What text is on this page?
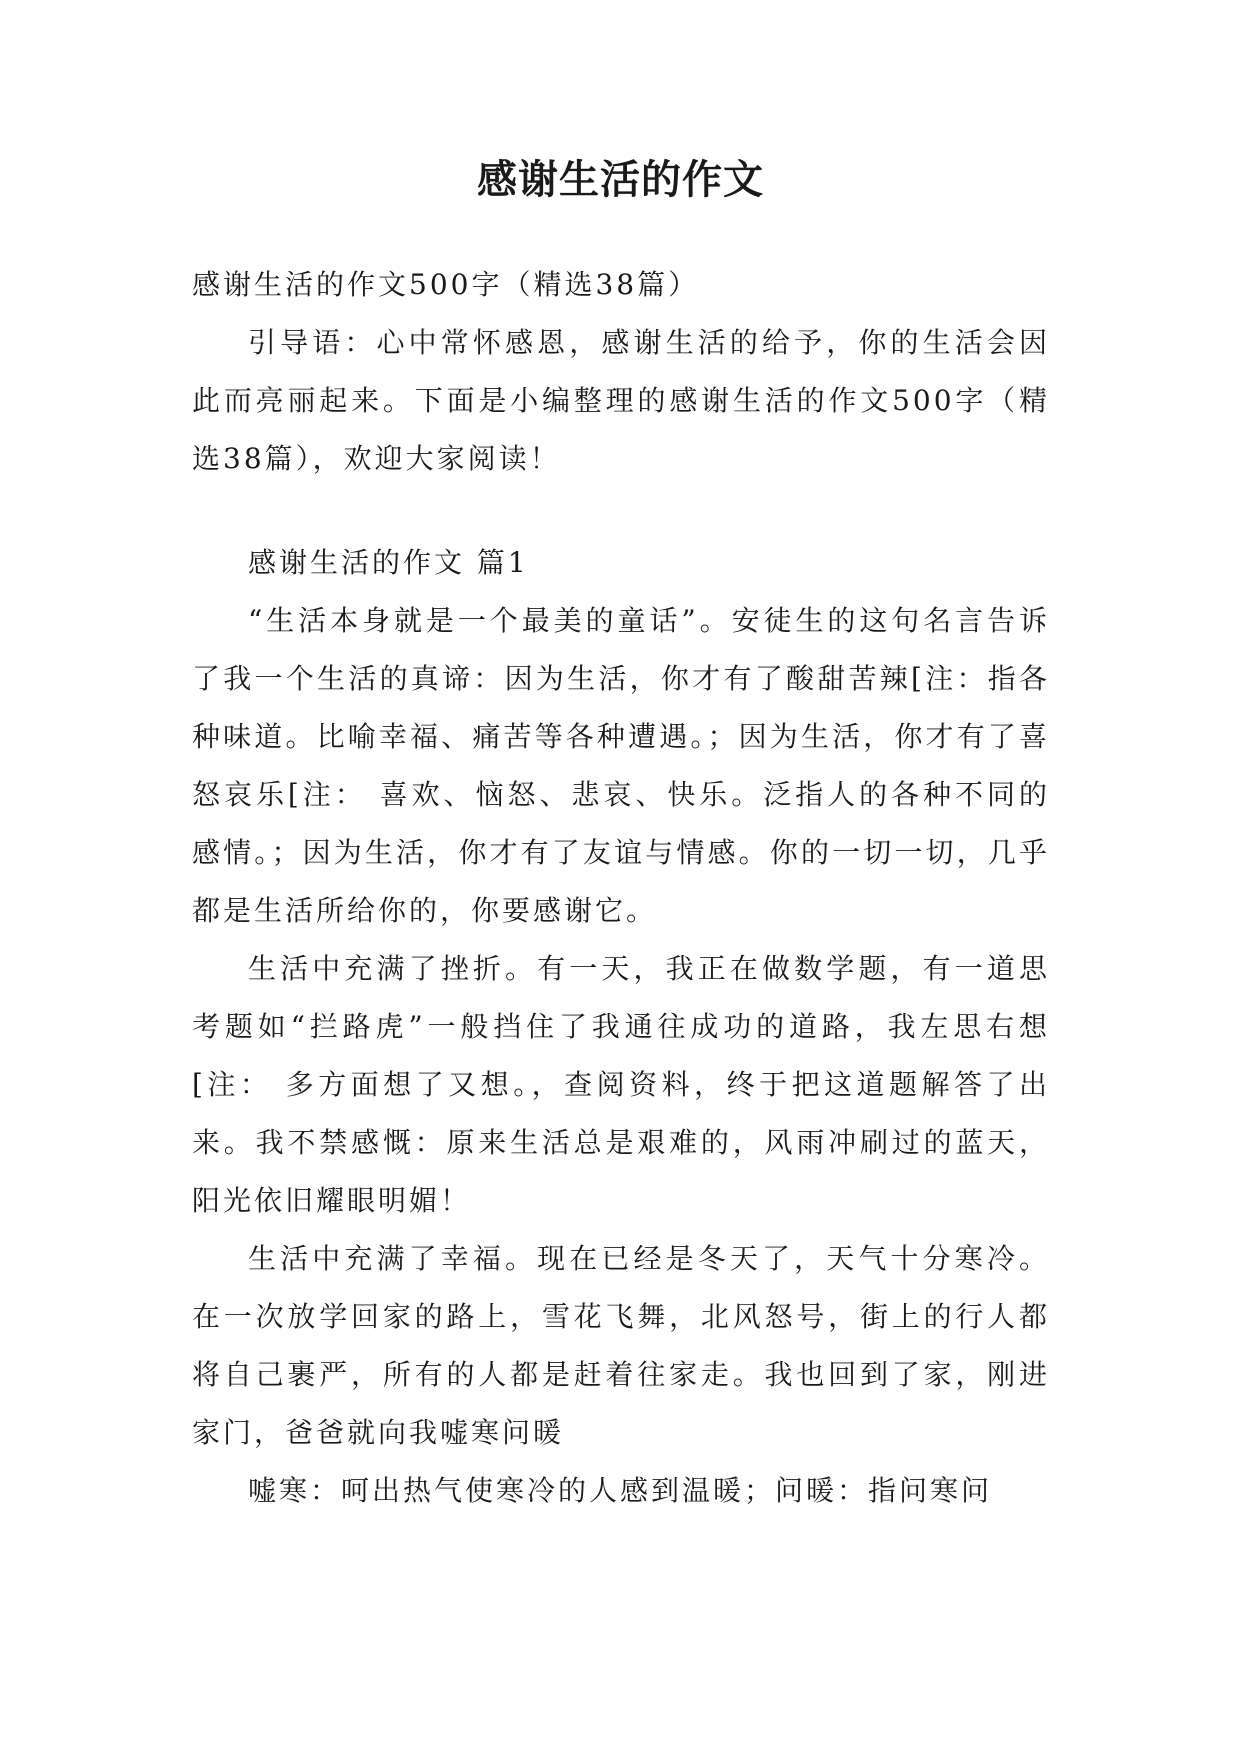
感谢生活的作文

感谢生活的作文500字（精选38篇）

引导语：心中常怀感恩，感谢生活的给予，你的生活会因此而亮丽起来。下面是小编整理的感谢生活的作文500字（精选38篇），欢迎大家阅读！

感谢生活的作文 篇1

“生活本身就是一个最美的童话”。安徒生的这句名言告诉了我一个生活的真谛：因为生活，你才有了酸甜苦辣[注：指各种味道。比喻幸福、痛苦等各种遭遇。；因为生活，你才有了喜怒哀乐[注： 喜欢、恼怒、悲哀、快乐。泛指人的各种不同的感情。；因为生活，你才有了友谊与情感。你的一切一切，几乎都是生活所给你的，你要感谢它。

生活中充满了挫折。有一天，我正在做数学题，有一道思考题如“拦路虎”一般挡住了我通往成功的道路，我左思右想[注： 多方面想了又想。，查阅资料，终于把这道题解答了出来。我不禁感慨：原来生活总是艰难的，风雨冲刷过的蓝天，阳光依旧耀眼明媚！

生活中充满了幸福。现在已经是冬天了，天气十分寒冷。在一次放学回家的路上，雪花飞舞，北风怒号，街上的行人都将自己裹严，所有的人都是赶着往家走。我也回到了家，刚进家门，爸爸就向我嘘寒问暖

嘘寒：呵出热气使寒冷的人感到温暖；问暖：指问寒问
